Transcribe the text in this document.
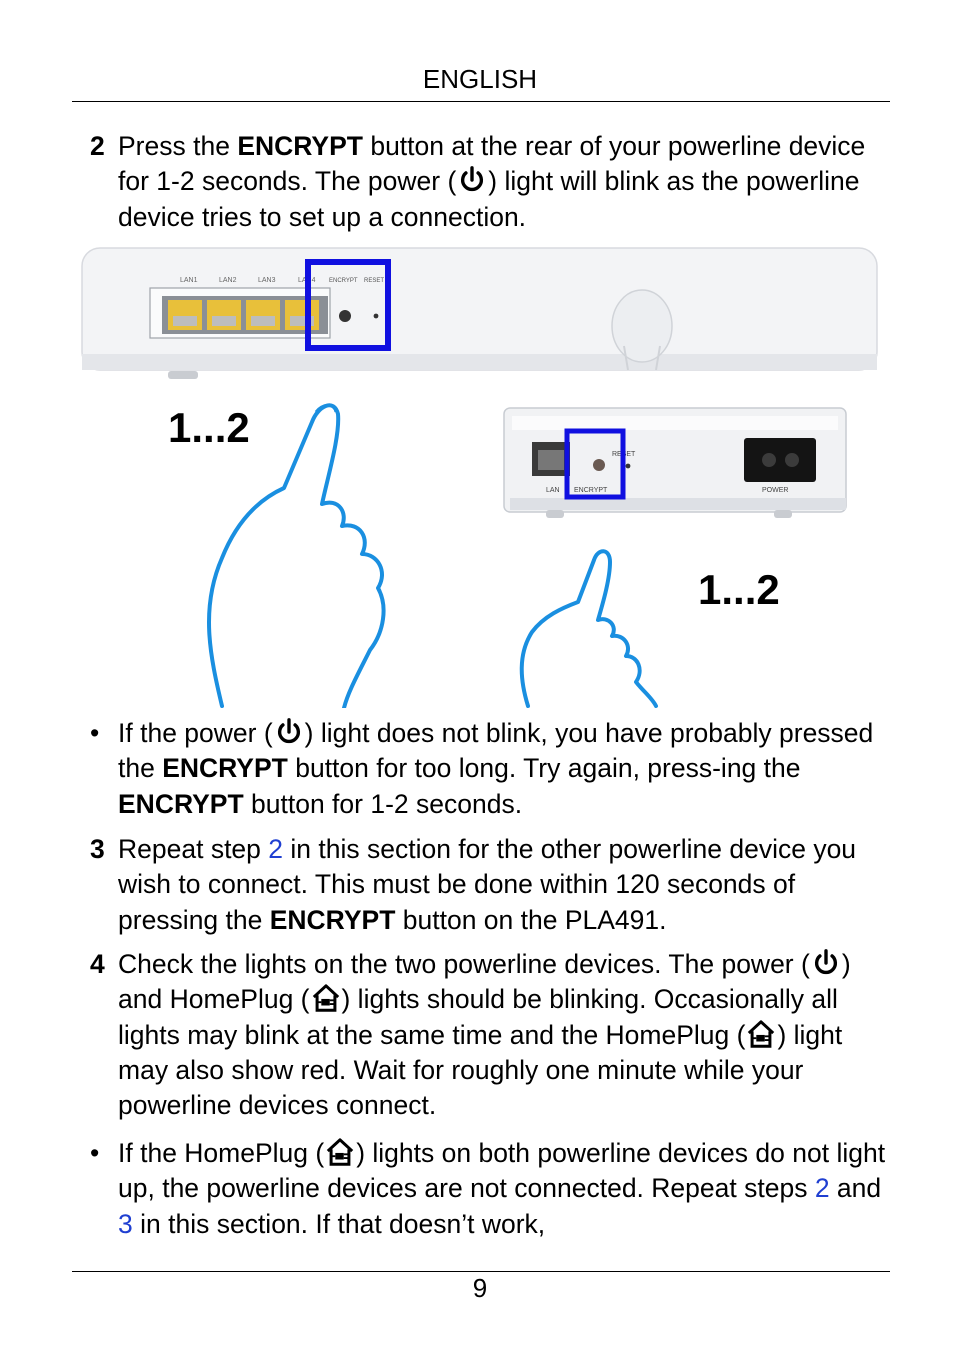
ENGLISH
2 Press the ENCRYPT button at the rear of your powerline device for 1-2 seconds. The power ( ) light will blink as the powerline device tries to set up a connection.
LAN1	LAN2	LAN3	LAN4 ENCRYPT RESET
LAN ENCRYPT
RESET
POWER
1...2
1...2
• If the power ( ) light does not blink, you have probably pressed the ENCRYPT button for too long. Try again, press-ing the ENCRYPT button for 1-2 seconds.
3 Repeat step 2 in this section for the other powerline device you wish to connect. This must be done within 120 seconds of pressing the ENCRYPT button on the PLA491.
4 Check the lights on the two powerline devices. The power ( ) and HomePlug ( ) lights should be blinking. Occasionally all lights may blink at the same time and the HomePlug ( ) light may also show red. Wait for roughly one minute while your powerline devices connect.
• If the HomePlug ( ) lights on both powerline devices do not light up, the powerline devices are not connected. Repeat steps 2 and 3 in this section. If that doesn’t work,
9
